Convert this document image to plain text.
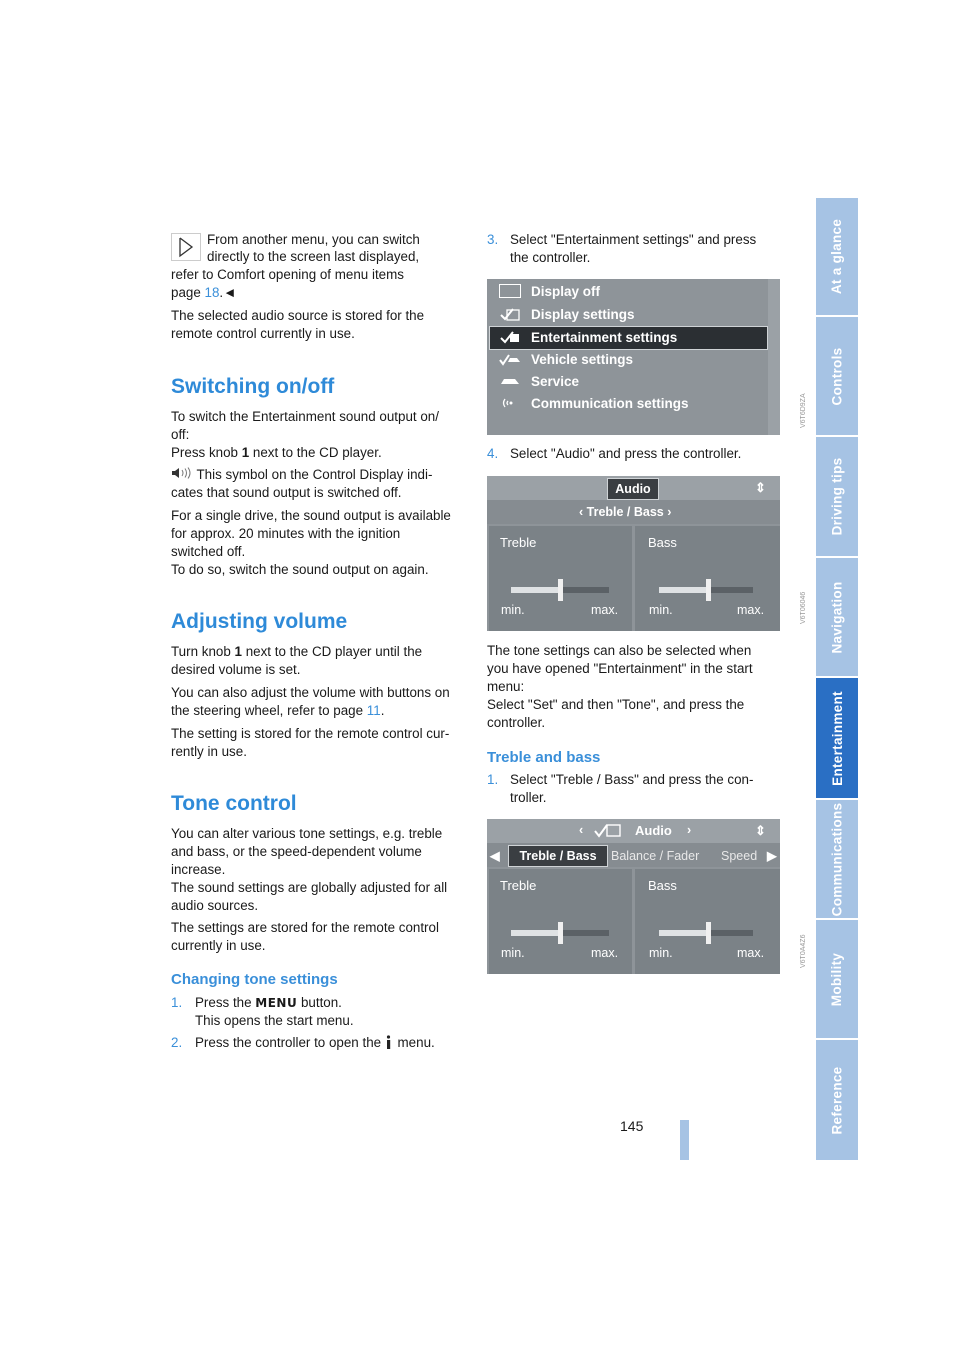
From another menu, you can switch

directly to the screen last displayed,

refer to Comfort opening of menu items

page 18.◄

The selected audio source is stored for the

remote control currently in use.

Switching on/off

To switch the Entertainment sound output on/

off:

Press knob 1 next to the CD player.

This symbol on the Control Display indi-

cates that sound output is switched off.

For a single drive, the sound output is available

for approx. 20 minutes with the ignition

switched off.

To do so, switch the sound output on again.

Adjusting volume

Turn knob 1 next to the CD player until the

desired volume is set.

You can also adjust the volume with buttons on

the steering wheel, refer to page 11.

The setting is stored for the remote control cur-

rently in use.

Tone control

You can alter various tone settings, e.g. treble

and bass, or the speed-dependent volume

increase.

The sound settings are globally adjusted for all

audio sources.

The settings are stored for the remote control

currently in use.

Changing tone settings

1. Press the MENU button.

This opens the start menu.

2. Press the controller to open the  menu.

3. Select "Entertainment settings" and press

the controller.

4. Select "Audio" and press the controller.

The tone settings can also be selected when

you have opened "Entertainment" in the start

menu:

Select "Set" and then "Tone", and press the

controller.

Treble and bass

1. Select "Treble / Bass" and press the con-

troller.

Display off
Display settings
Entertainment settings
Vehicle settings
Service
Communication settings	V6T6D9ZA
Audio	⇕
‹ Treble / Bass ›
Treble	Bass
min.	max. min.	max.	V6T06046
‹	Audio ›	⇕
◀	Treble / Bass	Balance / Fader Speed ▶
Treble	Bass
min.	max. min.	max.	V6T0A4Z6
At a glance
Controls
Driving tips
Navigation
Entertainment
Communications
Mobility
Reference
145
